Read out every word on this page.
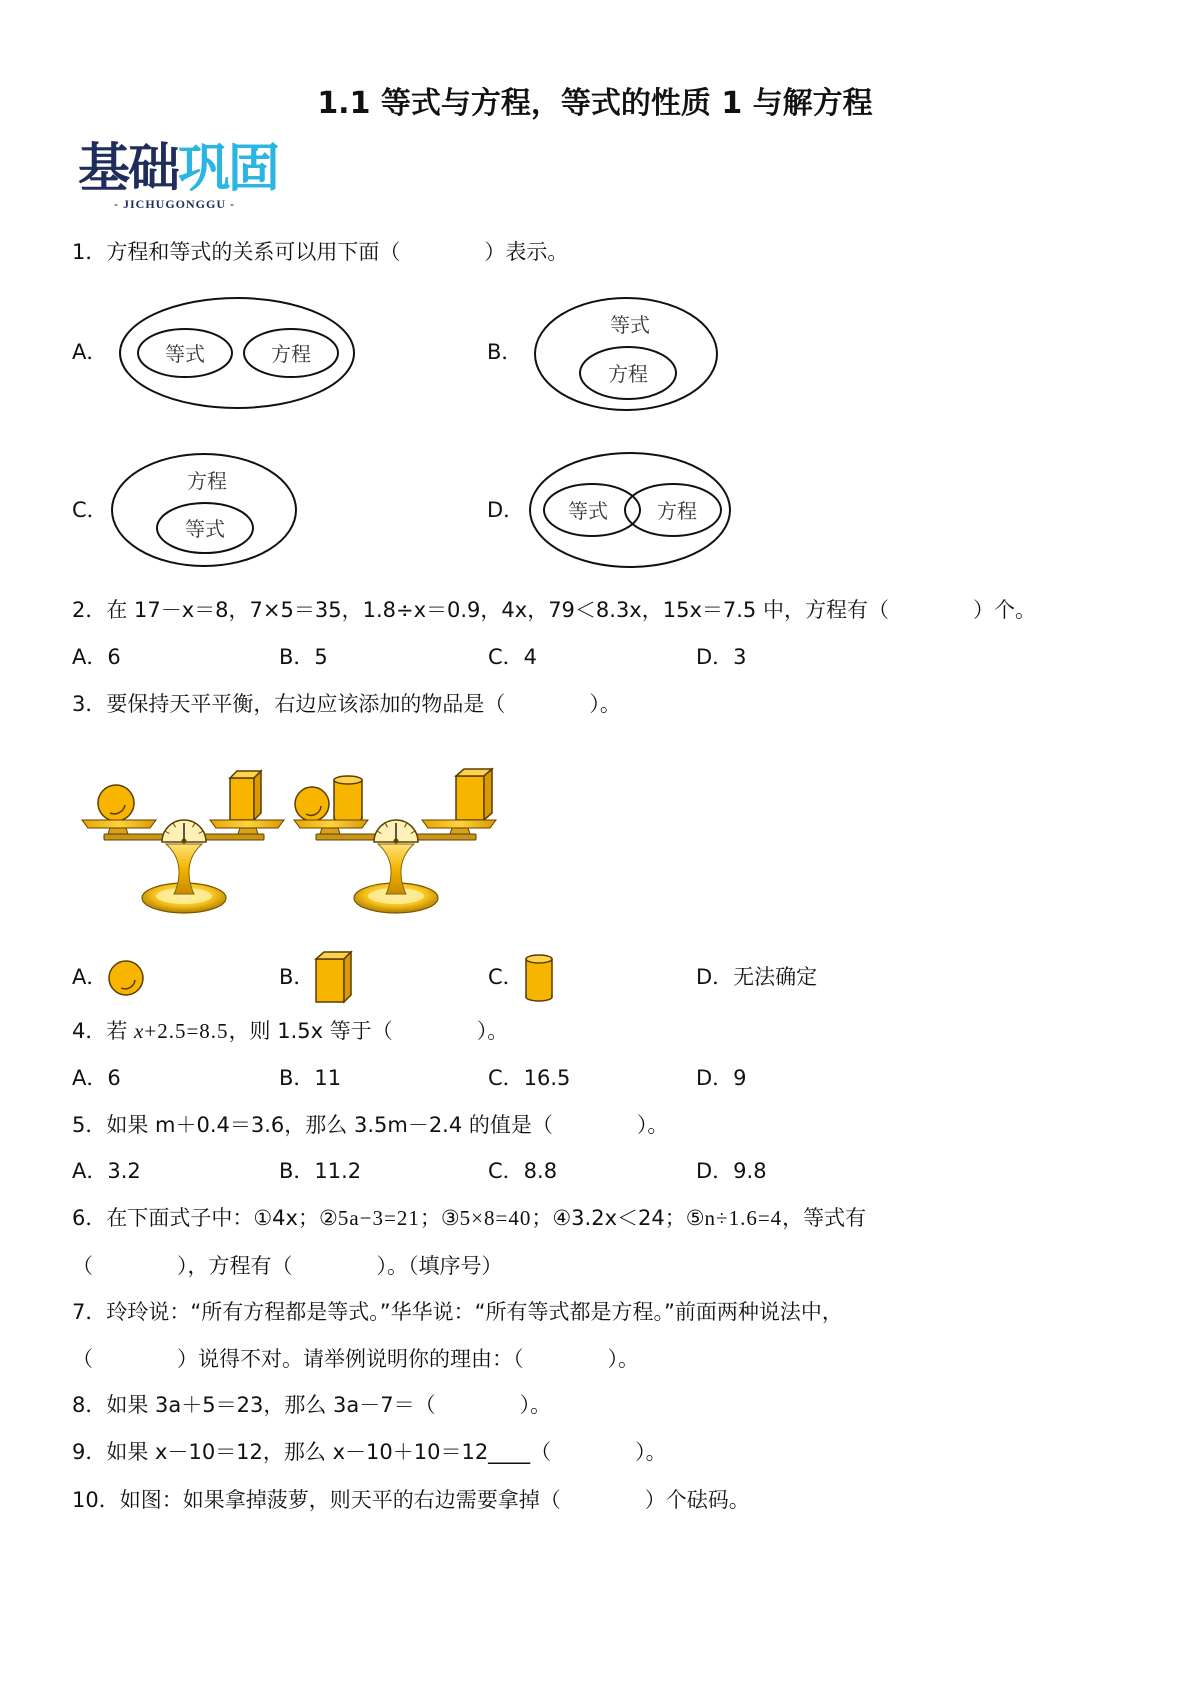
1.1 等式与方程，等式的性质 1 与解方程
基础巩固
- JICHUGONGGU -
1．方程和等式的关系可以用下面（　　　　）表示。
A．	等式	方程	B．
等式
方程
C．
方程
等式
D． 等式 方程
2．在 17－x＝8，7×5＝35，1.8÷x＝0.9，4x，79＜8.3x，15x＝7.5 中，方程有（　　　　）个。
A．6	B．5	C．4	D．3
3．要保持天平平衡，右边应该添加的物品是（　　　　）。
A．	B．	C．	D．无法确定
4．若 x+2.5=8.5，则 1.5x 等于（　　　　）。
A．6	B．11	C．16.5	D．9
5．如果 m＋0.4＝3.6，那么 3.5m－2.4 的值是（　　　　）。
A．3.2	B．11.2	C．8.8	D．9.8
6．在下面式子中：①4x；②5a−3=21；③5×8=40；④3.2x＜24；⑤n÷1.6=4，等式有
（　　　　），方程有（　　　　）。（填序号）
7．玲玲说：“所有方程都是等式。”华华说：“所有等式都是方程。”前面两种说法中，
（　　　　）说得不对。请举例说明你的理由：（　　　　）。
8．如果 3a＋5＝23，那么 3a－7＝（　　　　）。
9．如果 x－10＝12，那么 x－10＋10＝12____（　　　　）。
10．如图：如果拿掉菠萝，则天平的右边需要拿掉（　　　　）个砝码。
